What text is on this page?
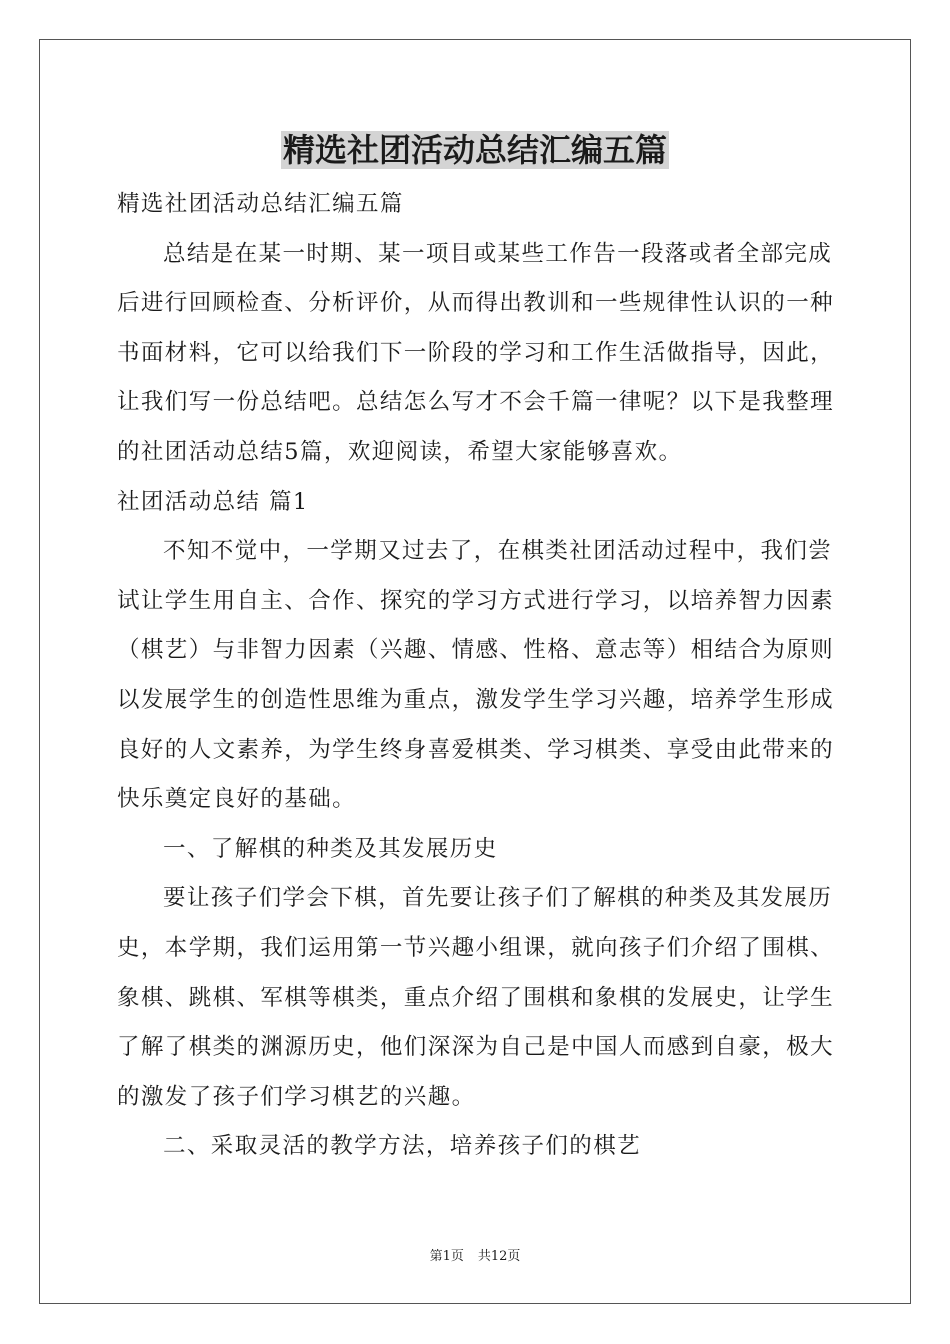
精选社团活动总结汇编五篇

精选社团活动总结汇编五篇

总结是在某一时期、某一项目或某些工作告一段落或者全部完成

后进行回顾检查、分析评价，从而得出教训和一些规律性认识的一种

书面材料，它可以给我们下一阶段的学习和工作生活做指导，因此，

让我们写一份总结吧。总结怎么写才不会千篇一律呢？以下是我整理

的社团活动总结5篇，欢迎阅读，希望大家能够喜欢。

社团活动总结 篇1

不知不觉中，一学期又过去了，在棋类社团活动过程中，我们尝

试让学生用自主、合作、探究的学习方式进行学习，以培养智力因素

（棋艺）与非智力因素（兴趣、情感、性格、意志等）相结合为原则

以发展学生的创造性思维为重点，激发学生学习兴趣，培养学生形成

良好的人文素养，为学生终身喜爱棋类、学习棋类、享受由此带来的

快乐奠定良好的基础。

一、了解棋的种类及其发展历史

要让孩子们学会下棋，首先要让孩子们了解棋的种类及其发展历

史，本学期，我们运用第一节兴趣小组课，就向孩子们介绍了围棋、

象棋、跳棋、军棋等棋类，重点介绍了围棋和象棋的发展史，让学生

了解了棋类的渊源历史，他们深深为自己是中国人而感到自豪，极大

的激发了孩子们学习棋艺的兴趣。

二、采取灵活的教学方法，培养孩子们的棋艺

第1页 共12页
